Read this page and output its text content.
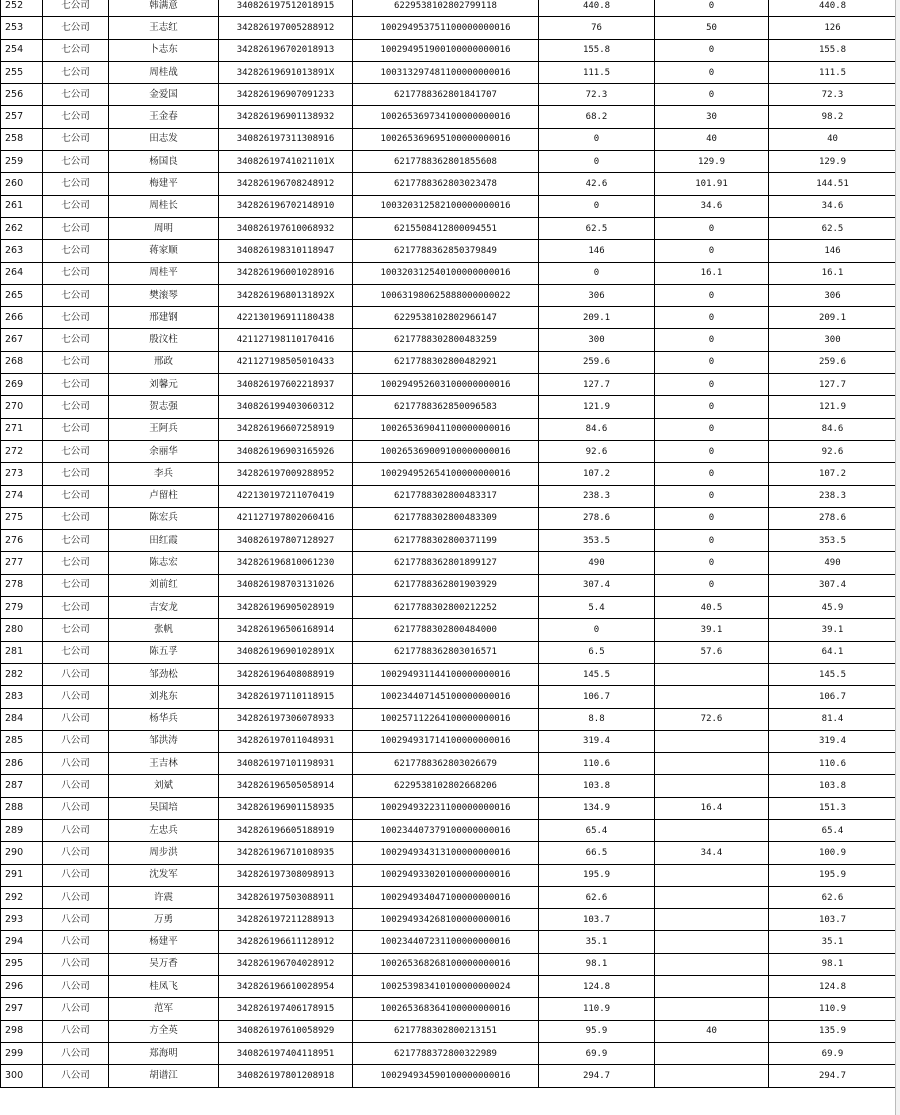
252	七公司	韩满意	340826197512018915	6229538102802799118	440.8	0	440.8
253	七公司	王志红	342826197005288912	100294953751100000000016	76	50	126
254	七公司	卜志东	342826196702018913	100294951900100000000016	155.8	0	155.8
255	七公司	周桂战	34282619691013891X	100313297481100000000016	111.5	0	111.5
256	七公司	金爱国	342826196907091233	6217788362801841707	72.3	0	72.3
257	七公司	王金春	342826196901138932	100265369734100000000016	68.2	30	98.2
258	七公司	田志发	340826197311308916	100265369695100000000016	0	40	40
259	七公司	杨国良	34082619741021101X	6217788362801855608	0	129.9	129.9
260	七公司	梅建平	342826196708248912	6217788362803023478	42.6	101.91	144.51
261	七公司	周桂长	342826196702148910	100320312582100000000016	0	34.6	34.6
262	七公司	周明	340826197610068932	6215508412800094551	62.5	0	62.5
263	七公司	蒋家顺	340826198310118947	6217788362850379849	146	0	146
264	七公司	周桂平	342826196001028916	100320312540100000000016	0	16.1	16.1
265	七公司	樊滚琴	34282619680131892X	100631980625888000000022	306	0	306
266	七公司	邢建钢	422130196911180438	6229538102802966147	209.1	0	209.1
267	七公司	殷汶柱	421127198110170416	6217788302800483259	300	0	300
268	七公司	邢政	421127198505010433	6217788302800482921	259.6	0	259.6
269	七公司	刘馨元	340826197602218937	100294952603100000000016	127.7	0	127.7
270	七公司	贺志强	340826199403060312	6217788362850096583	121.9	0	121.9
271	七公司	王阿兵	342826196607258919	100265369041100000000016	84.6	0	84.6
272	七公司	余丽华	340826196903165926	100265369009100000000016	92.6	0	92.6
273	七公司	李兵	342826197009288952	100294952654100000000016	107.2	0	107.2
274	七公司	卢留柱	422130197211070419	6217788302800483317	238.3	0	238.3
275	七公司	陈宏兵	421127197802060416	6217788302800483309	278.6	0	278.6
276	七公司	田红霞	340826197807128927	6217788302800371199	353.5	0	353.5
277	七公司	陈志宏	342826196810061230	6217788362801899127	490	0	490
278	七公司	刘前红	340826198703131026	6217788362801903929	307.4	0	307.4
279	七公司	吉安龙	342826196905028919	6217788302800212252	5.4	40.5	45.9
280	七公司	张帆	342826196506168914	6217788302800484000	0	39.1	39.1
281	七公司	陈五孚	34082619690102891X	6217788362803016571	6.5	57.6	64.1
282	八公司	邹劲松	342826196408088919	100294931144100000000016	145.5		145.5
283	八公司	刘兆东	342826197110118915	100234407145100000000016	106.7		106.7
284	八公司	杨华兵	342826197306078933	100257112264100000000016	8.8	72.6	81.4
285	八公司	邹洪涛	342826197011048931	100294931714100000000016	319.4		319.4
286	八公司	王吉林	340826197101198931	6217788362803026679	110.6		110.6
287	八公司	刘斌	342826196505058914	6229538102802668206	103.8		103.8
288	八公司	吴国培	342826196901158935	100294932231100000000016	134.9	16.4	151.3
289	八公司	左忠兵	342826196605188919	100234407379100000000016	65.4		65.4
290	八公司	周步洪	342826196710108935	100294934313100000000016	66.5	34.4	100.9
291	八公司	沈发军	342826197308098913	100294933020100000000016	195.9		195.9
292	八公司	许震	342826197503088911	100294934047100000000016	62.6		62.6
293	八公司	万勇	342826197211288913	100294934268100000000016	103.7		103.7
294	八公司	杨建平	342826196611128912	100234407231100000000016	35.1		35.1
295	八公司	吴万香	342826196704028912	100265368268100000000016	98.1		98.1
296	八公司	桂凤飞	342826196610028954	100253983410100000000024	124.8		124.8
297	八公司	范军	342826197406178915	100265368364100000000016	110.9		110.9
298	八公司	方全英	340826197610058929	6217788302800213151	95.9	40	135.9
299	八公司	郑海明	340826197404118951	6217788372800322989	69.9		69.9
300	八公司	胡谱江	340826197801208918	100294934590100000000016	294.7		294.7
